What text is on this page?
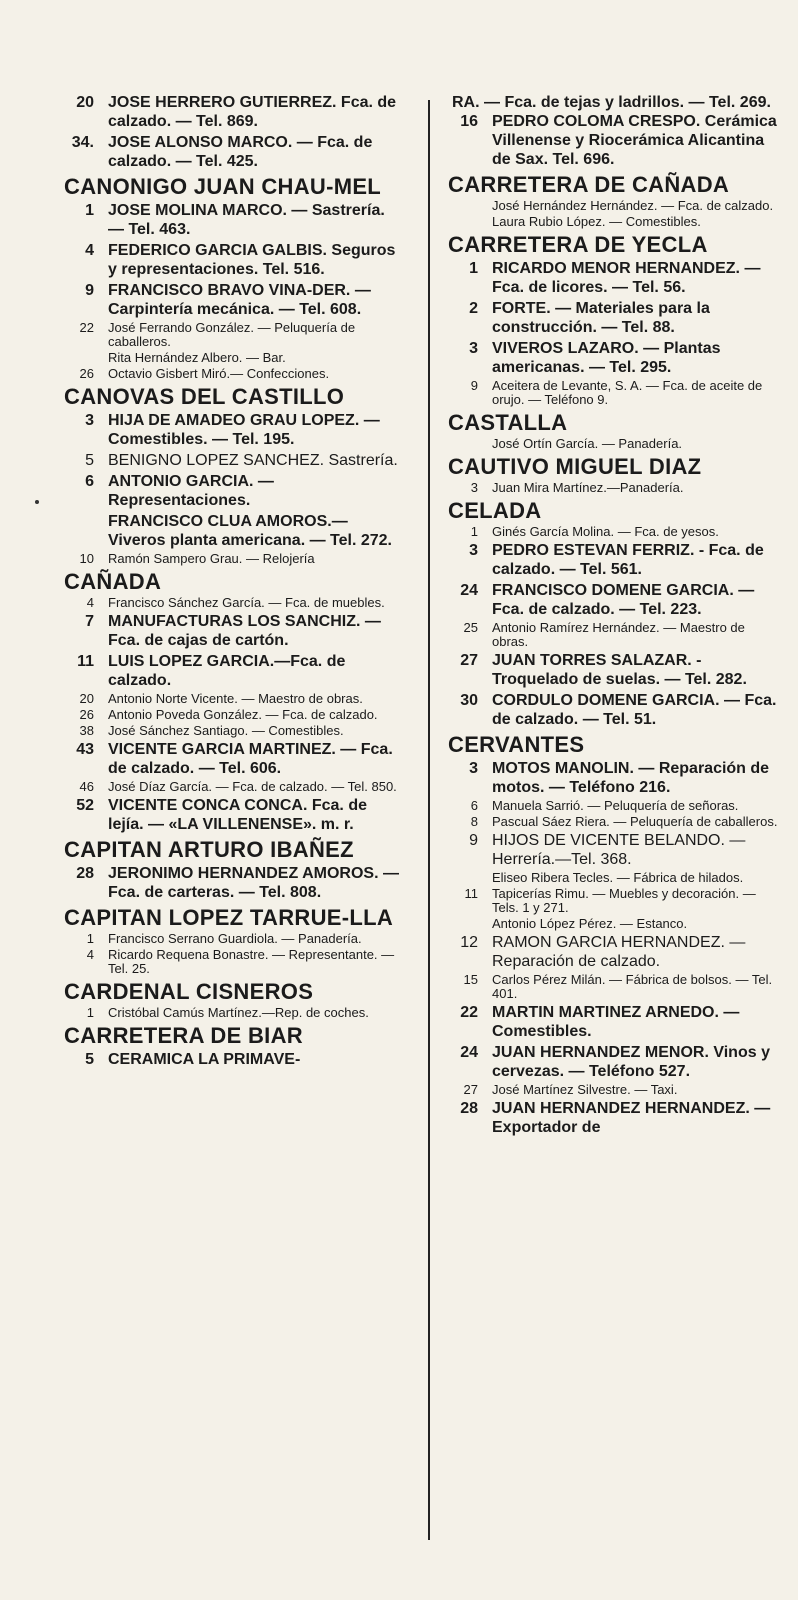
20 JOSE HERRERO GUTIERREZ. Fca. de calzado. — Tel. 869.
34. JOSE ALONSO MARCO. — Fca. de calzado. — Tel. 425.
CANONIGO JUAN CHAU-MEL
1 JOSE MOLINA MARCO. — Sastrería. — Tel. 463.
4 FEDERICO GARCIA GALBIS. Seguros y representaciones. Tel. 516.
9 FRANCISCO BRAVO VINA-DER. — Carpintería mecánica. — Tel. 608.
22	José Ferrando González. — Peluquería de caballeros.
Rita Hernández Albero. — Bar.
26	Octavio Gisbert Miró.— Confecciones.
CANOVAS DEL CASTILLO
3 HIJA DE AMADEO GRAU LOPEZ. — Comestibles. — Tel. 195.
5 BENIGNO LOPEZ SANCHEZ. Sastrería.
6 ANTONIO GARCIA. — Representaciones.
FRANCISCO CLUA AMOROS.—Viveros planta americana. — Tel. 272.
10	Ramón Sampero Grau. — Relojería
CAÑADA
4	Francisco Sánchez García. — Fca. de muebles.
7 MANUFACTURAS LOS SANCHIZ. — Fca. de cajas de cartón.
11 LUIS LOPEZ GARCIA.—Fca. de calzado.
20	Antonio Norte Vicente. — Maestro de obras.
26	Antonio Poveda González. — Fca. de calzado.
38	José Sánchez Santiago. — Comestibles.
43 VICENTE GARCIA MARTINEZ. — Fca. de calzado. — Tel. 606.
46	José Díaz García. — Fca. de calzado. — Tel. 850.
52 VICENTE CONCA CONCA. Fca. de lejía. — «LA VILLENENSE». m. r.
CAPITAN ARTURO IBAÑEZ
28 JERONIMO HERNANDEZ AMOROS. — Fca. de carteras. — Tel. 808.
CAPITAN LOPEZ TARRUE-LLA
1	Francisco Serrano Guardiola. — Panadería.
4	Ricardo Requena Bonastre. — Representante. — Tel. 25.
CARDENAL CISNEROS
1	Cristóbal Camús Martínez.—Rep. de coches.
CARRETERA DE BIAR
5 CERAMICA LA PRIMAVE-
RA. — Fca. de tejas y ladrillos. — Tel. 269.
16 PEDRO COLOMA CRESPO. Cerámica Villenense y Riocerámica Alicantina de Sax. Tel. 696.
CARRETERA DE CAÑADA
José Hernández Hernández. — Fca. de calzado.
Laura Rubio López. — Comestibles.
CARRETERA DE YECLA
1 RICARDO MENOR HERNANDEZ. — Fca. de licores. — Tel. 56.
2 FORTE. — Materiales para la construcción. — Tel. 88.
3 VIVEROS LAZARO. — Plantas americanas. — Tel. 295.
9	Aceitera de Levante, S. A. — Fca. de aceite de orujo. — Teléfono 9.
CASTALLA
José Ortín García. — Panadería.
CAUTIVO MIGUEL DIAZ
3	Juan Mira Martínez.—Panadería.
CELADA
1	Ginés García Molina. — Fca. de yesos.
3 PEDRO ESTEVAN FERRIZ. - Fca. de calzado. — Tel. 561.
24 FRANCISCO DOMENE GARCIA. — Fca. de calzado. — Tel. 223.
25	Antonio Ramírez Hernández. — Maestro de obras.
27 JUAN TORRES SALAZAR. - Troquelado de suelas. — Tel. 282.
30 CORDULO DOMENE GARCIA. — Fca. de calzado. — Tel. 51.
CERVANTES
3 MOTOS MANOLIN. — Reparación de motos. — Teléfono 216.
6	Manuela Sarrió. — Peluquería de señoras.
8	Pascual Sáez Riera. — Peluquería de caballeros.
9 HIJOS DE VICENTE BELANDO. — Herrería.—Tel. 368.
Eliseo Ribera Tecles. — Fábrica de hilados.
11	Tapicerías Rimu. — Muebles y decoración. — Tels. 1 y 271.
Antonio López Pérez. — Estanco.
12 RAMON GARCIA HERNANDEZ. — Reparación de calzado.
15	Carlos Pérez Milán. — Fábrica de bolsos. — Tel. 401.
22 MARTIN MARTINEZ ARNEDO. — Comestibles.
24 JUAN HERNANDEZ MENOR. Vinos y cervezas. — Teléfono 527.
27	José Martínez Silvestre. — Taxi.
28 JUAN HERNANDEZ HERNANDEZ. — Exportador de
